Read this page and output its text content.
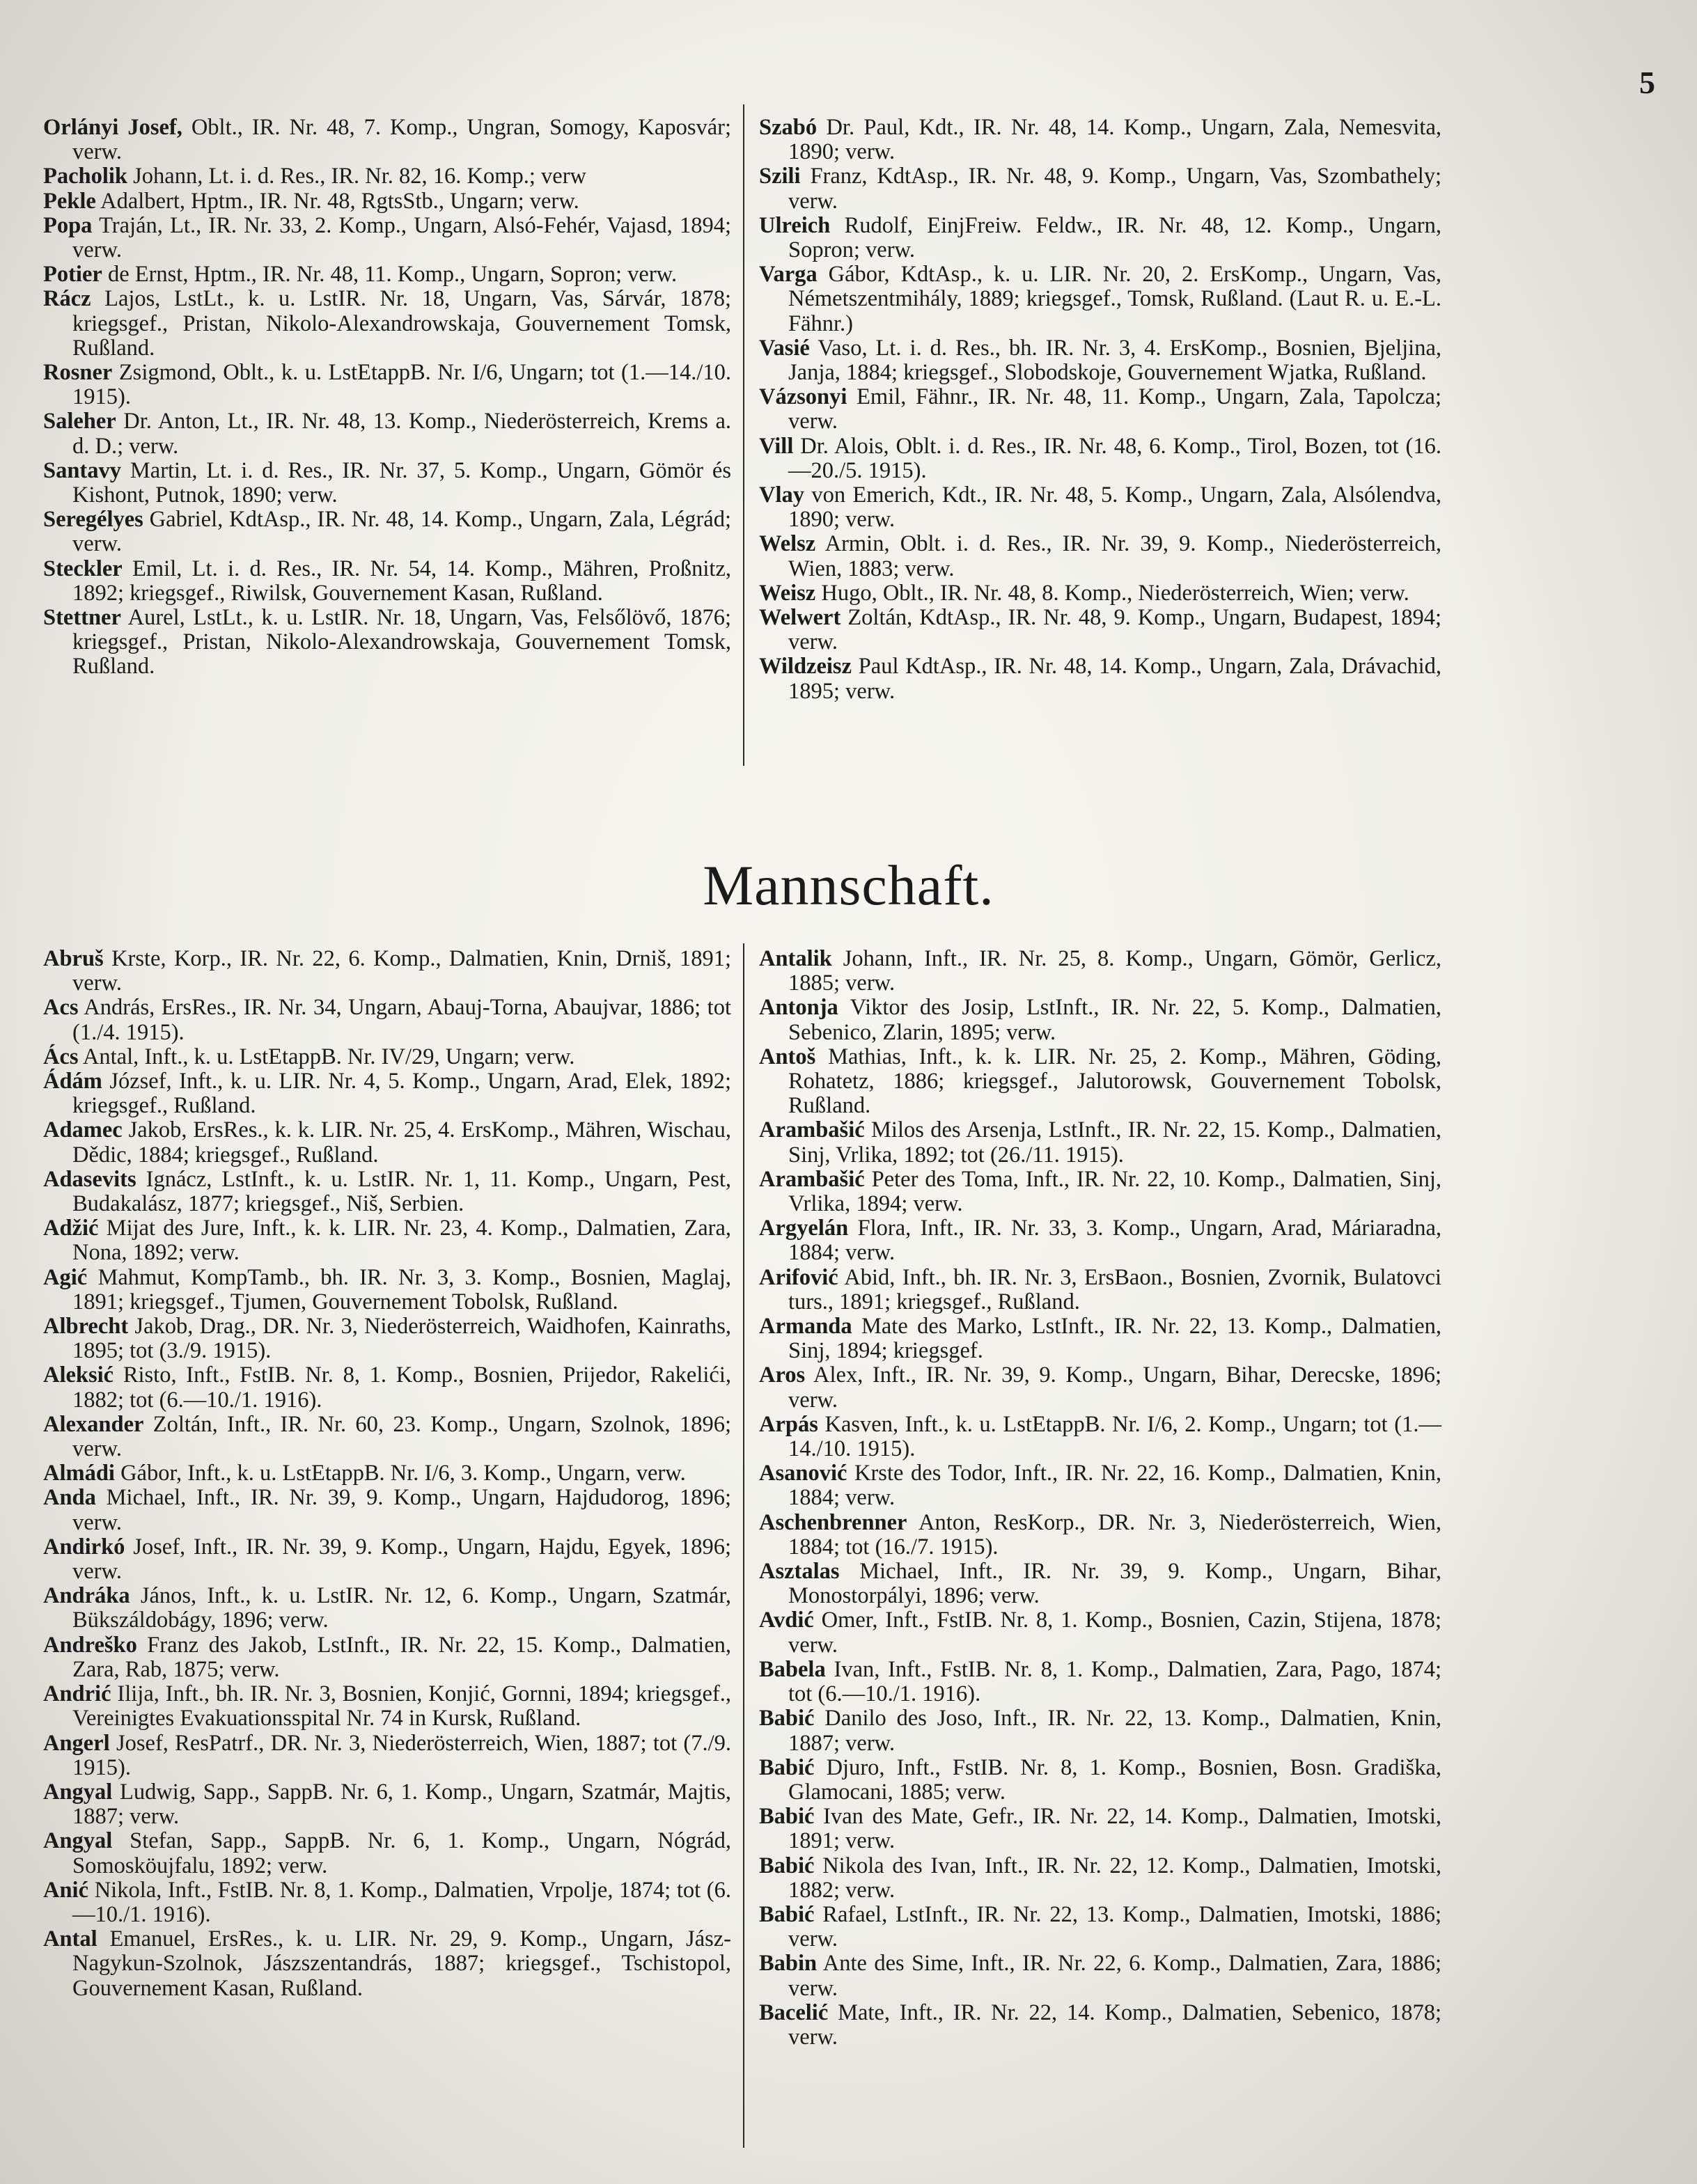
5
Orlányi Josef, Oblt., IR. Nr. 48, 7. Komp., Ungran, Somogy, Kaposvár; verw.
Pacholik Johann, Lt. i. d. Res., IR. Nr. 82, 16. Komp.; verw
Pekle Adalbert, Hptm., IR. Nr. 48, RgtsStb., Ungarn; verw.
Popa Traján, Lt., IR. Nr. 33, 2. Komp., Ungarn, Alsó-Fehér, Vajasd, 1894; verw.
Potier de Ernst, Hptm., IR. Nr. 48, 11. Komp., Ungarn, Sopron; verw.
Rácz Lajos, LstLt., k. u. LstIR. Nr. 18, Ungarn, Vas, Sárvár, 1878; kriegsgef., Pristan, Nikolo-Alexandrowskaja, Gouvernement Tomsk, Rußland.
Rosner Zsigmond, Oblt., k. u. LstEtappB. Nr. I/6, Ungarn; tot (1.—14./10. 1915).
Saleher Dr. Anton, Lt., IR. Nr. 48, 13. Komp., Niederösterreich, Krems a. d. D.; verw.
Santavy Martin, Lt. i. d. Res., IR. Nr. 37, 5. Komp., Ungarn, Gömör és Kishont, Putnok, 1890; verw.
Seregélyes Gabriel, KdtAsp., IR. Nr. 48, 14. Komp., Ungarn, Zala, Légrád; verw.
Steckler Emil, Lt. i. d. Res., IR. Nr. 54, 14. Komp., Mähren, Proßnitz, 1892; kriegsgef., Riwilsk, Gouvernement Kasan, Rußland.
Stettner Aurel, LstLt., k. u. LstIR. Nr. 18, Ungarn, Vas, Felsőlövő, 1876; kriegsgef., Pristan, Nikolo-Alexandrowskaja, Gouvernement Tomsk, Rußland.
Szabó Dr. Paul, Kdt., IR. Nr. 48, 14. Komp., Ungarn, Zala, Nemesvita, 1890; verw.
Szili Franz, KdtAsp., IR. Nr. 48, 9. Komp., Ungarn, Vas, Szombathely; verw.
Ulreich Rudolf, EinjFreiw. Feldw., IR. Nr. 48, 12. Komp., Ungarn, Sopron; verw.
Varga Gábor, KdtAsp., k. u. LIR. Nr. 20, 2. ErsKomp., Ungarn, Vas, Németszentmihály, 1889; kriegsgef., Tomsk, Rußland. (Laut R. u. E.-L. Fähnr.)
Vasié Vaso, Lt. i. d. Res., bh. IR. Nr. 3, 4. ErsKomp., Bosnien, Bjeljina, Janja, 1884; kriegsgef., Slobodskoje, Gouvernement Wjatka, Rußland.
Vázsonyi Emil, Fähnr., IR. Nr. 48, 11. Komp., Ungarn, Zala, Tapolcza; verw.
Vill Dr. Alois, Oblt. i. d. Res., IR. Nr. 48, 6. Komp., Tirol, Bozen, tot (16.—20./5. 1915).
Vlay von Emerich, Kdt., IR. Nr. 48, 5. Komp., Ungarn, Zala, Alsólendva, 1890; verw.
Welsz Armin, Oblt. i. d. Res., IR. Nr. 39, 9. Komp., Niederösterreich, Wien, 1883; verw.
Weisz Hugo, Oblt., IR. Nr. 48, 8. Komp., Niederösterreich, Wien; verw.
Welwert Zoltán, KdtAsp., IR. Nr. 48, 9. Komp., Ungarn, Budapest, 1894; verw.
Wildzeisz Paul KdtAsp., IR. Nr. 48, 14. Komp., Ungarn, Zala, Drávachid, 1895; verw.
Mannschaft.
Abruš Krste, Korp., IR. Nr. 22, 6. Komp., Dalmatien, Knin, Drniš, 1891; verw.
Acs András, ErsRes., IR. Nr. 34, Ungarn, Abauj-Torna, Abaujvar, 1886; tot (1./4. 1915).
Ács Antal, Inft., k. u. LstEtappB. Nr. IV/29, Ungarn; verw.
Ádám József, Inft., k. u. LIR. Nr. 4, 5. Komp., Ungarn, Arad, Elek, 1892; kriegsgef., Rußland.
Adamec Jakob, ErsRes., k. k. LIR. Nr. 25, 4. ErsKomp., Mähren, Wischau, Dědic, 1884; kriegsgef., Rußland.
Adasevits Ignácz, LstInft., k. u. LstIR. Nr. 1, 11. Komp., Ungarn, Pest, Budakalász, 1877; kriegsgef., Niš, Serbien.
Adžić Mijat des Jure, Inft., k. k. LIR. Nr. 23, 4. Komp., Dalmatien, Zara, Nona, 1892; verw.
Agić Mahmut, KompTamb., bh. IR. Nr. 3, 3. Komp., Bosnien, Maglaj, 1891; kriegsgef., Tjumen, Gouvernement Tobolsk, Rußland.
Albrecht Jakob, Drag., DR. Nr. 3, Niederösterreich, Waidhofen, Kainraths, 1895; tot (3./9. 1915).
Aleksić Risto, Inft., FstIB. Nr. 8, 1. Komp., Bosnien, Prijedor, Rakelići, 1882; tot (6.—10./1. 1916).
Alexander Zoltán, Inft., IR. Nr. 60, 23. Komp., Ungarn, Szolnok, 1896; verw.
Almádi Gábor, Inft., k. u. LstEtappB. Nr. I/6, 3. Komp., Ungarn, verw.
Anda Michael, Inft., IR. Nr. 39, 9. Komp., Ungarn, Hajdudorog, 1896; verw.
Andirkó Josef, Inft., IR. Nr. 39, 9. Komp., Ungarn, Hajdu, Egyek, 1896; verw.
Andráka János, Inft., k. u. LstIR. Nr. 12, 6. Komp., Ungarn, Szatmár, Bükszáldobágy, 1896; verw.
Andreško Franz des Jakob, LstInft., IR. Nr. 22, 15. Komp., Dalmatien, Zara, Rab, 1875; verw.
Andrić Ilija, Inft., bh. IR. Nr. 3, Bosnien, Konjić, Gornni, 1894; kriegsgef., Vereinigtes Evakuationsspital Nr. 74 in Kursk, Rußland.
Angerl Josef, ResPatrf., DR. Nr. 3, Niederösterreich, Wien, 1887; tot (7./9. 1915).
Angyal Ludwig, Sapp., SappB. Nr. 6, 1. Komp., Ungarn, Szatmár, Majtis, 1887; verw.
Angyal Stefan, Sapp., SappB. Nr. 6, 1. Komp., Ungarn, Nógrád, Somosköujfalu, 1892; verw.
Anić Nikola, Inft., FstIB. Nr. 8, 1. Komp., Dalmatien, Vrpolje, 1874; tot (6.—10./1. 1916).
Antal Emanuel, ErsRes., k. u. LIR. Nr. 29, 9. Komp., Ungarn, Jász-Nagykun-Szolnok, Jászszentandrás, 1887; kriegsgef., Tschistopol, Gouvernement Kasan, Rußland.
Antalik Johann, Inft., IR. Nr. 25, 8. Komp., Ungarn, Gömör, Gerlicz, 1885; verw.
Antonja Viktor des Josip, LstInft., IR. Nr. 22, 5. Komp., Dalmatien, Sebenico, Zlarin, 1895; verw.
Antoš Mathias, Inft., k. k. LIR. Nr. 25, 2. Komp., Mähren, Göding, Rohatetz, 1886; kriegsgef., Jalutorowsk, Gouvernement Tobolsk, Rußland.
Arambašić Milos des Arsenja, LstInft., IR. Nr. 22, 15. Komp., Dalmatien, Sinj, Vrlika, 1892; tot (26./11. 1915).
Arambašić Peter des Toma, Inft., IR. Nr. 22, 10. Komp., Dalmatien, Sinj, Vrlika, 1894; verw.
Argyelán Flora, Inft., IR. Nr. 33, 3. Komp., Ungarn, Arad, Máriaradna, 1884; verw.
Arifović Abid, Inft., bh. IR. Nr. 3, ErsBaon., Bosnien, Zvornik, Bulatovci turs., 1891; kriegsgef., Rußland.
Armanda Mate des Marko, LstInft., IR. Nr. 22, 13. Komp., Dalmatien, Sinj, 1894; kriegsgef.
Aros Alex, Inft., IR. Nr. 39, 9. Komp., Ungarn, Bihar, Derecske, 1896; verw.
Arpás Kasven, Inft., k. u. LstEtappB. Nr. I/6, 2. Komp., Ungarn; tot (1.—14./10. 1915).
Asanović Krste des Todor, Inft., IR. Nr. 22, 16. Komp., Dalmatien, Knin, 1884; verw.
Aschenbrenner Anton, ResKorp., DR. Nr. 3, Niederösterreich, Wien, 1884; tot (16./7. 1915).
Asztalas Michael, Inft., IR. Nr. 39, 9. Komp., Ungarn, Bihar, Monostorpályi, 1896; verw.
Avdić Omer, Inft., FstIB. Nr. 8, 1. Komp., Bosnien, Cazin, Stijena, 1878; verw.
Babela Ivan, Inft., FstIB. Nr. 8, 1. Komp., Dalmatien, Zara, Pago, 1874; tot (6.—10./1. 1916).
Babić Danilo des Joso, Inft., IR. Nr. 22, 13. Komp., Dalmatien, Knin, 1887; verw.
Babić Djuro, Inft., FstIB. Nr. 8, 1. Komp., Bosnien, Bosn. Gradiška, Glamocani, 1885; verw.
Babić Ivan des Mate, Gefr., IR. Nr. 22, 14. Komp., Dalmatien, Imotski, 1891; verw.
Babić Nikola des Ivan, Inft., IR. Nr. 22, 12. Komp., Dalmatien, Imotski, 1882; verw.
Babić Rafael, LstInft., IR. Nr. 22, 13. Komp., Dalmatien, Imotski, 1886; verw.
Babin Ante des Sime, Inft., IR. Nr. 22, 6. Komp., Dalmatien, Zara, 1886; verw.
Bacelić Mate, Inft., IR. Nr. 22, 14. Komp., Dalmatien, Sebenico, 1878; verw.
